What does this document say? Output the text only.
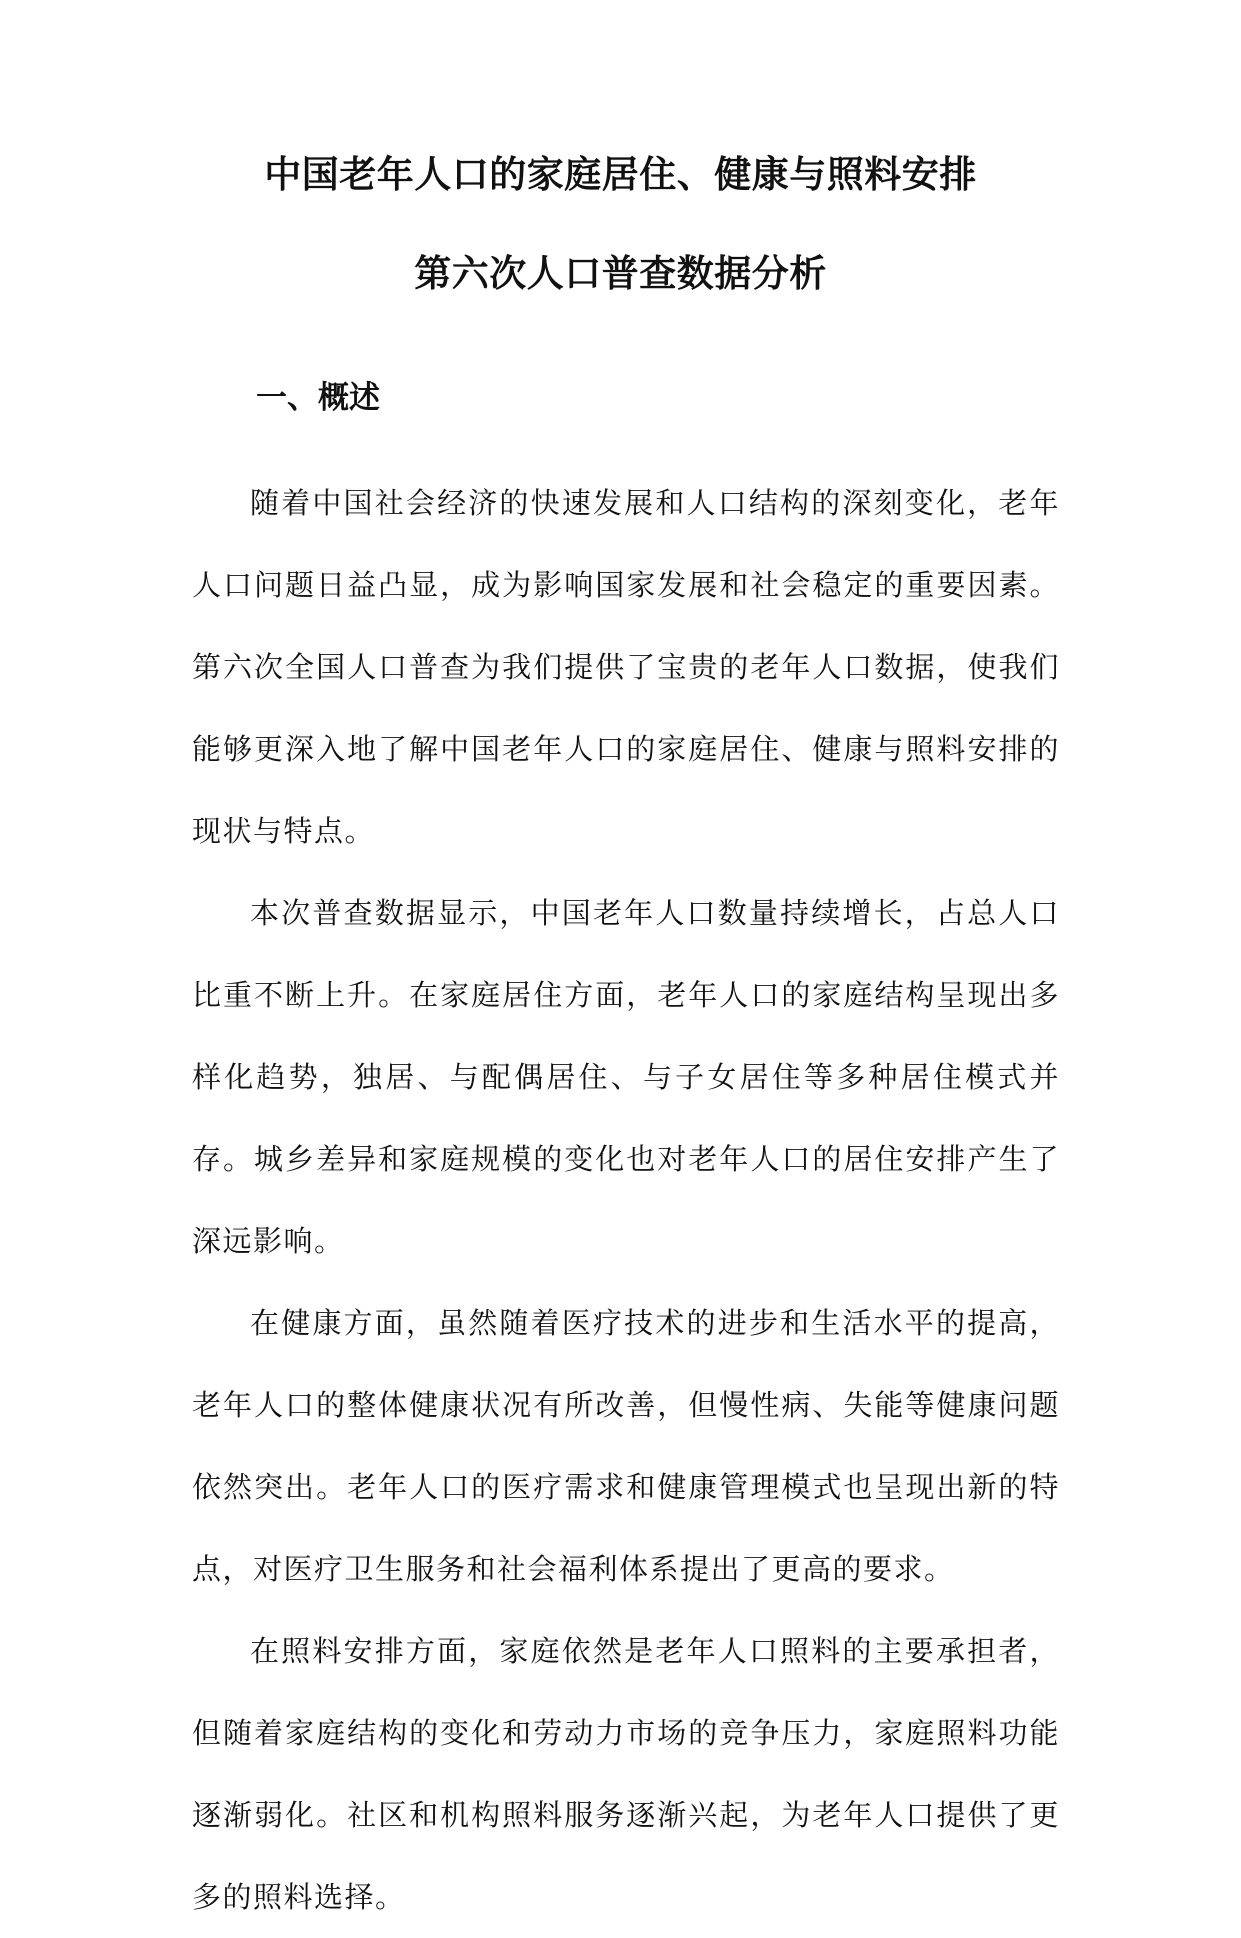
中国老年人口的家庭居住、健康与照料安排
第六次人口普查数据分析
一、概述

随着中国社会经济的快速发展和人口结构的深刻变化，老年人口问题日益凸显，成为影响国家发展和社会稳定的重要因素。第六次全国人口普查为我们提供了宝贵的老年人口数据，使我们能够更深入地了解中国老年人口的家庭居住、健康与照料安排的现状与特点。

本次普查数据显示，中国老年人口数量持续增长，占总人口比重不断上升。在家庭居住方面，老年人口的家庭结构呈现出多样化趋势，独居、与配偶居住、与子女居住等多种居住模式并存。城乡差异和家庭规模的变化也对老年人口的居住安排产生了深远影响。

在健康方面，虽然随着医疗技术的进步和生活水平的提高，老年人口的整体健康状况有所改善，但慢性病、失能等健康问题依然突出。老年人口的医疗需求和健康管理模式也呈现出新的特点，对医疗卫生服务和社会福利体系提出了更高的要求。

在照料安排方面，家庭依然是老年人口照料的主要承担者，但随着家庭结构的变化和劳动力市场的竞争压力，家庭照料功能逐渐弱化。社区和机构照料服务逐渐兴起，为老年人口提供了更多的照料选择。
